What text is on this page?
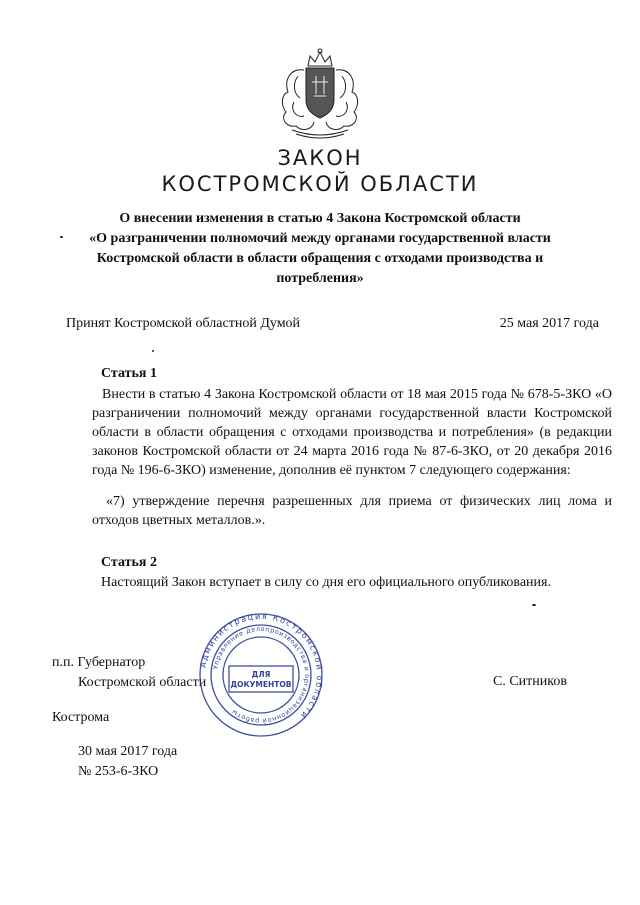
ЗАКОН
КОСТРОМСКОЙ ОБЛАСТИ
О внесении изменения в статью 4 Закона Костромской области
«О разграничении полномочий между органами государственной власти
Костромской области в области обращения с отходами производства и
потребления»
Принят Костромской областной Думой	25 мая 2017 года
Статья 1
Внести в статью 4 Закона Костромской области от 18 мая 2015 года № 678-5-ЗКО «О разграничении полномочий между органами государственной власти Костромской области в области обращения с отходами производства и потребления» (в редакции законов Костромской области от 24 марта 2016 года № 87-6-ЗКО, от 20 декабря 2016 года № 196-6-ЗКО) изменение, дополнив её пунктом 7 следующего содержания:
«7) утверждение перечня разрешенных для приема от физических лиц лома и отходов цветных металлов.».
Статья 2
Настоящий Закон вступает в силу со дня его официального опубликования.
п.п. Губернатор
Костромской области	С. Ситников
Администрация Костромской области
Управление делопроизводства и организационной работы
ДЛЯ
ДОКУМЕНТОВ
Кострома
30 мая 2017 года
№ 253-6-ЗКО
